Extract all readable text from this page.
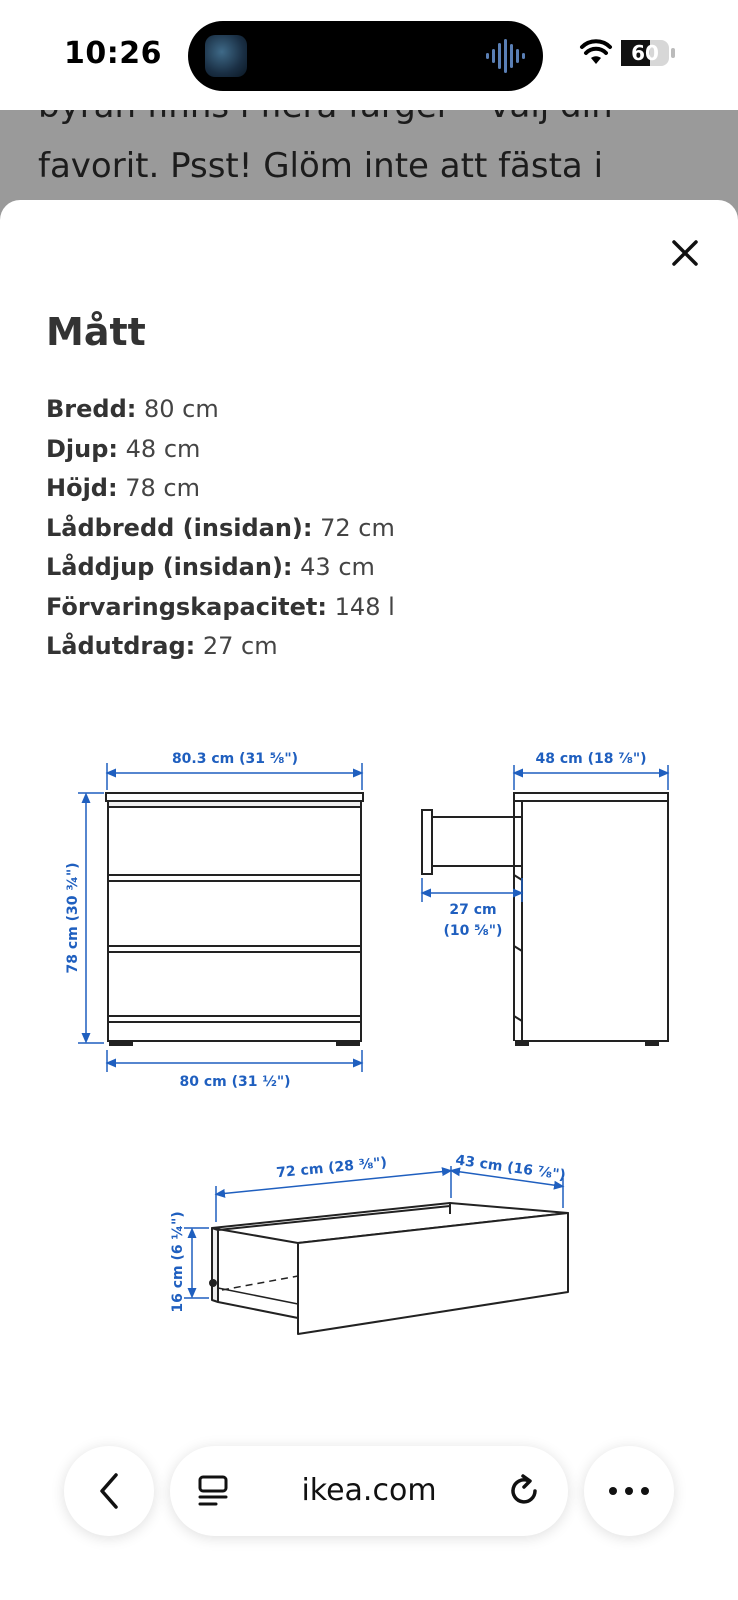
10:26	60
favorit. Psst! Glöm inte att fästa i
Mått
Bredd: 80 cm
Djup: 48 cm
Höjd: 78 cm
Lådbredd (insidan): 72 cm
Låddjup (insidan): 43 cm
Förvaringskapacitet: 148 l
Lådutdrag: 27 cm
80.3 cm (31 ⅝")
78 cm (30 ¾")
80 cm (31 ½")
48 cm (18 ⅞")
27 cm
(10 ⅝")
72 cm (28 ⅜")	43 cm (16 ⅞")
16 cm (6 ¼")
ikea.com
